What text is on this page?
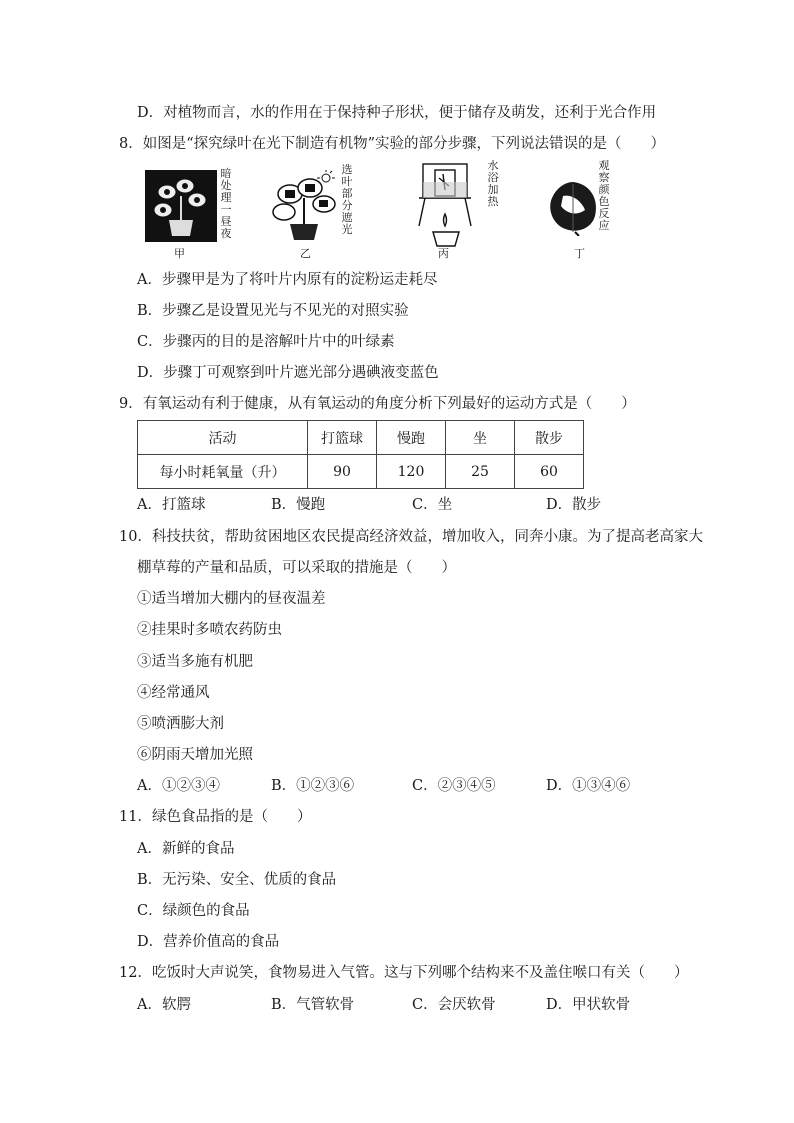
D．对植物而言，水的作用在于保持种子形状，便于储存及萌发，还利于光合作用
8．如图是“探究绿叶在光下制造有机物”实验的部分步骤，下列说法错误的是（　　）
暗处理一昼夜
甲
选叶部分遮光
乙
水浴加热
丙
观察颜色反应
丁
A．步骤甲是为了将叶片内原有的淀粉运走耗尽
B．步骤乙是设置见光与不见光的对照实验
C．步骤丙的目的是溶解叶片中的叶绿素
D．步骤丁可观察到叶片遮光部分遇碘液变蓝色
9．有氧运动有利于健康，从有氧运动的角度分析下列最好的运动方式是（　　）
活动	打篮球	慢跑	坐	散步
每小时耗氧量（升）	90	120	25	60
A．打篮球	B．慢跑	C．坐	D．散步
10．科技扶贫，帮助贫困地区农民提高经济效益，增加收入，同奔小康。为了提高老高家大
棚草莓的产量和品质，可以采取的措施是（　　）
①适当增加大棚内的昼夜温差
②挂果时多喷农药防虫
③适当多施有机肥
④经常通风
⑤喷洒膨大剂
⑥阴雨天增加光照
A．①②③④	B．①②③⑥	C．②③④⑤	D．①③④⑥
11．绿色食品指的是（　　）
A．新鲜的食品
B．无污染、安全、优质的食品
C．绿颜色的食品
D．营养价值高的食品
12．吃饭时大声说笑，食物易进入气管。这与下列哪个结构来不及盖住喉口有关（　　）
A．软腭	B．气管软骨	C．会厌软骨	D．甲状软骨
